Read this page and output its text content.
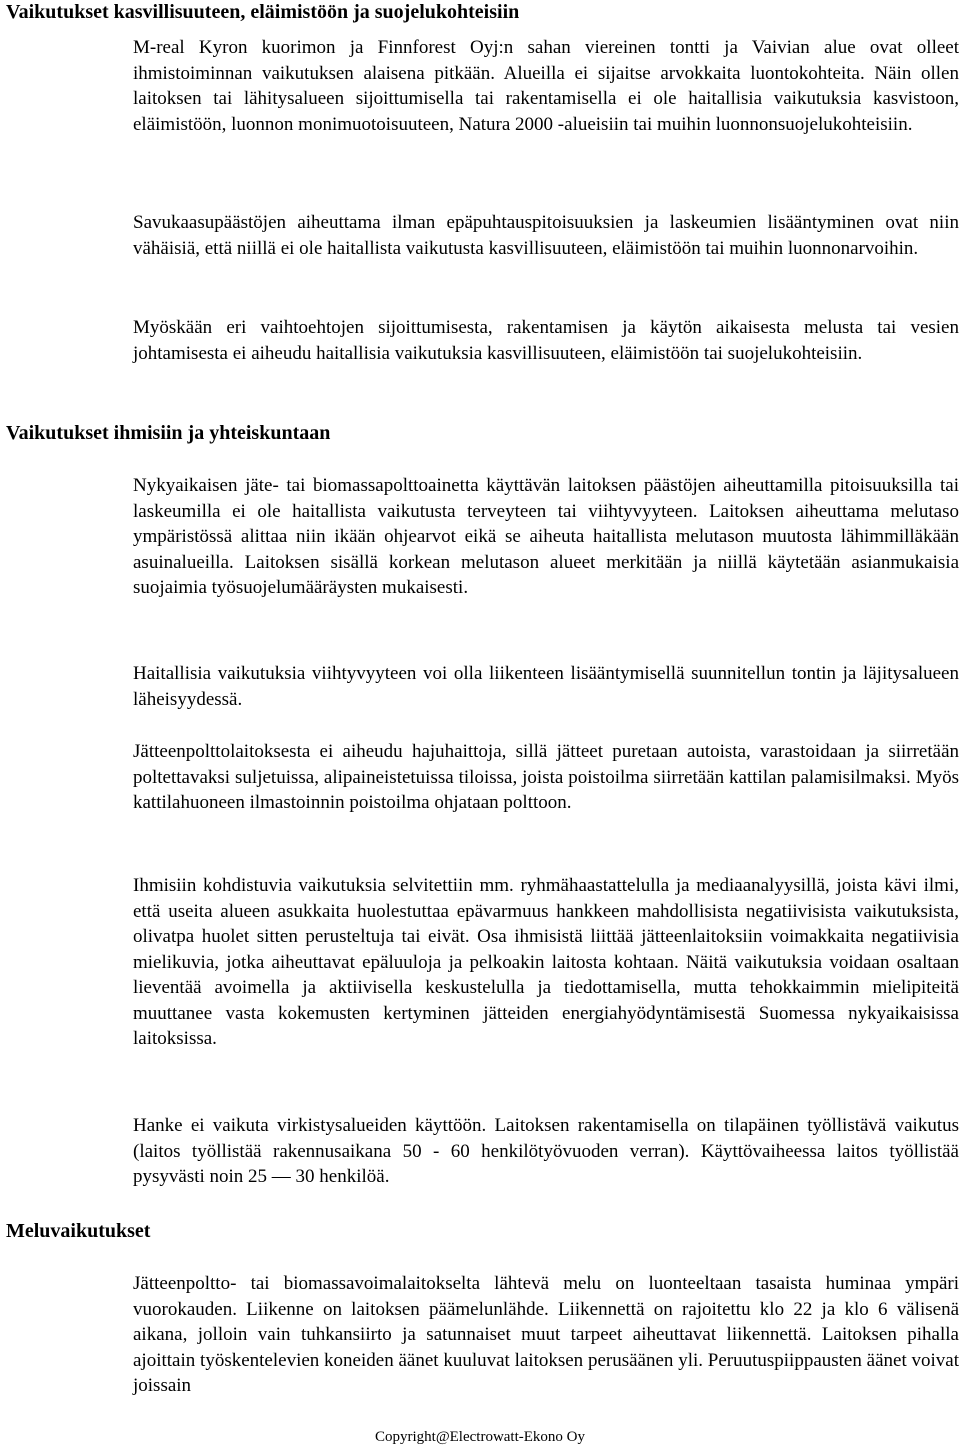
Vaikutukset kasvillisuuteen, eläimistöön ja suojelukohteisiin

M-real Kyron kuorimon ja Finnforest Oyj:n sahan viereinen tontti ja Vaivian alue ovat olleet ihmistoiminnan vaikutuksen alaisena pitkään. Alueilla ei sijaitse arvokkaita luontokohteita. Näin ollen laitoksen tai lähitysalueen sijoittumisella tai rakentamisella ei ole haitallisia vaikutuksia kasvistoon, eläimistöön, luonnon monimuotoisuuteen, Natura 2000 -alueisiin tai muihin luonnonsuojelukohteisiin.

Savukaasupäästöjen aiheuttama ilman epäpuhtauspitoisuuksien ja laskeumien lisääntyminen ovat niin vähäisiä, että niillä ei ole haitallista vaikutusta kasvillisuuteen, eläimistöön tai muihin luonnonarvoihin.

Myöskään eri vaihtoehtojen sijoittumisesta, rakentamisen ja käytön aikaisesta melusta tai vesien johtamisesta ei aiheudu haitallisia vaikutuksia kasvillisuuteen, eläimistöön tai suojelukohteisiin.

Vaikutukset ihmisiin ja yhteiskuntaan

Nykyaikaisen jäte- tai biomassapolttoainetta käyttävän laitoksen päästöjen aiheuttamilla pitoisuuksilla tai laskeumilla ei ole haitallista vaikutusta terveyteen tai viihtyvyyteen. Laitoksen aiheuttama melutaso ympäristössä alittaa niin ikään ohjearvot eikä se aiheuta haitallista melutason muutosta lähimmilläkään asuinalueilla. Laitoksen sisällä korkean melutason alueet merkitään ja niillä käytetään asianmukaisia suojaimia työsuojelumääräysten mukaisesti.

Haitallisia vaikutuksia viihtyvyyteen voi olla liikenteen lisääntymisellä suunnitellun tontin ja läjitysalueen läheisyydessä.

Jätteenpolttolaitoksesta ei aiheudu hajuhaittoja, sillä jätteet puretaan autoista, varastoidaan ja siirretään poltettavaksi suljetuissa, alipaineistetuissa tiloissa, joista poistoilma siirretään kattilan palamisilmaksi. Myös kattilahuoneen ilmastoinnin poistoilma ohjataan polttoon.

Ihmisiin kohdistuvia vaikutuksia selvitettiin mm. ryhmähaastattelulla ja mediaanalyysillä, joista kävi ilmi, että useita alueen asukkaita huolestuttaa epävarmuus hankkeen mahdollisista negatiivisista vaikutuksista, olivatpa huolet sitten perusteltuja tai eivät. Osa ihmisistä liittää jätteenlaitoksiin voimakkaita negatiivisia mielikuvia, jotka aiheuttavat epäluuloja ja pelkoakin laitosta kohtaan. Näitä vaikutuksia voidaan osaltaan lieventää avoimella ja aktiivisella keskustelulla ja tiedottamisella, mutta tehokkaimmin mielipiteitä muuttanee vasta kokemusten kertyminen jätteiden energiahyödyntämisestä Suomessa nykyaikaisissa laitoksissa.

Hanke ei vaikuta virkistysalueiden käyttöön. Laitoksen rakentamisella on tilapäinen työllistävä vaikutus (laitos työllistää rakennusaikana 50 - 60 henkilötyövuoden verran). Käyttövaiheessa laitos työllistää pysyvästi noin 25 — 30 henkilöä.

Meluvaikutukset

Jätteenpoltto- tai biomassavoimalaitokselta lähtevä melu on luonteeltaan tasaista huminaa ympäri vuorokauden. Liikenne on laitoksen päämelunlähde. Liikennettä on rajoitettu klo 22 ja klo 6 välisenä aikana, jolloin vain tuhkansiirto ja satunnaiset muut tarpeet aiheuttavat liikennettä. Laitoksen pihalla ajoittain työskentelevien koneiden äänet kuuluvat laitoksen perusäänen yli. Peruutuspiippausten äänet voivat joissain

Copyright@Electrowatt-Ekono Oy
